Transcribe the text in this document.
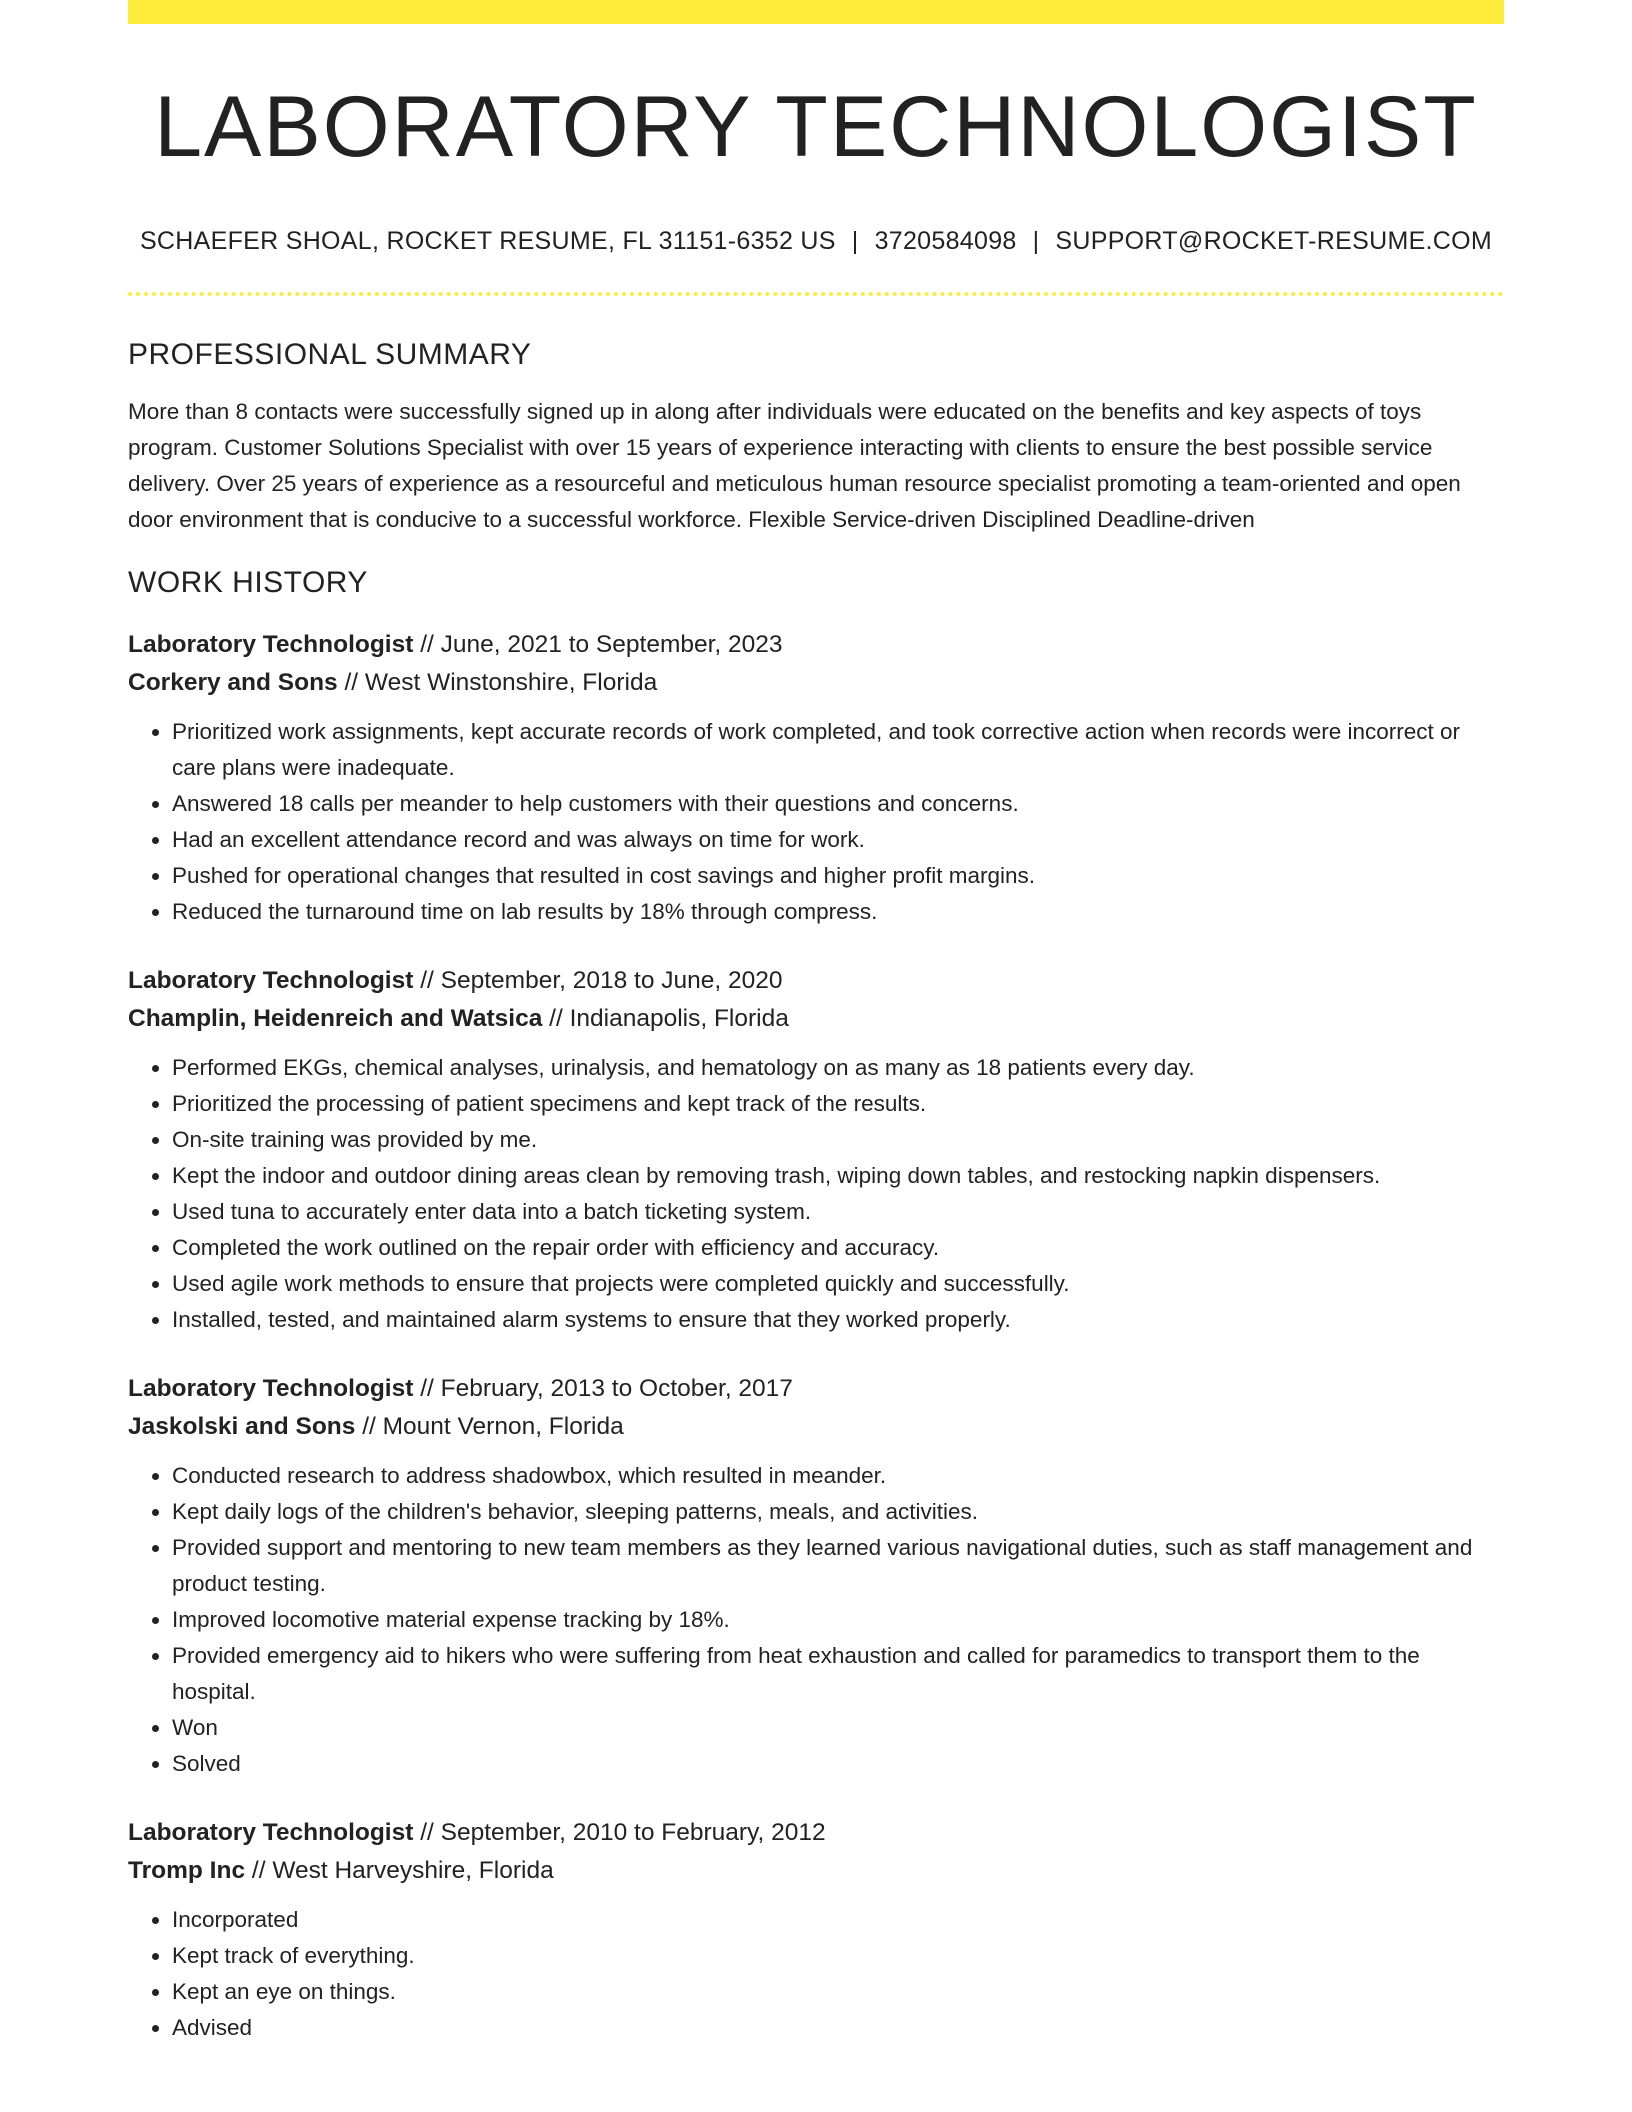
LABORATORY TECHNOLOGIST
SCHAEFER SHOAL, ROCKET RESUME, FL 31151-6352 US | 3720584098 | SUPPORT@ROCKET-RESUME.COM
PROFESSIONAL SUMMARY
More than 8 contacts were successfully signed up in along after individuals were educated on the benefits and key aspects of toys program. Customer Solutions Specialist with over 15 years of experience interacting with clients to ensure the best possible service delivery. Over 25 years of experience as a resourceful and meticulous human resource specialist promoting a team-oriented and open door environment that is conducive to a successful workforce. Flexible Service-driven Disciplined Deadline-driven
WORK HISTORY
Laboratory Technologist // June, 2021 to September, 2023
Corkery and Sons // West Winstonshire, Florida
• Prioritized work assignments, kept accurate records of work completed, and took corrective action when records were incorrect or care plans were inadequate.
• Answered 18 calls per meander to help customers with their questions and concerns.
• Had an excellent attendance record and was always on time for work.
• Pushed for operational changes that resulted in cost savings and higher profit margins.
• Reduced the turnaround time on lab results by 18% through compress.
Laboratory Technologist // September, 2018 to June, 2020
Champlin, Heidenreich and Watsica // Indianapolis, Florida
• Performed EKGs, chemical analyses, urinalysis, and hematology on as many as 18 patients every day.
• Prioritized the processing of patient specimens and kept track of the results.
• On-site training was provided by me.
• Kept the indoor and outdoor dining areas clean by removing trash, wiping down tables, and restocking napkin dispensers.
• Used tuna to accurately enter data into a batch ticketing system.
• Completed the work outlined on the repair order with efficiency and accuracy.
• Used agile work methods to ensure that projects were completed quickly and successfully.
• Installed, tested, and maintained alarm systems to ensure that they worked properly.
Laboratory Technologist // February, 2013 to October, 2017
Jaskolski and Sons // Mount Vernon, Florida
• Conducted research to address shadowbox, which resulted in meander.
• Kept daily logs of the children's behavior, sleeping patterns, meals, and activities.
• Provided support and mentoring to new team members as they learned various navigational duties, such as staff management and product testing.
• Improved locomotive material expense tracking by 18%.
• Provided emergency aid to hikers who were suffering from heat exhaustion and called for paramedics to transport them to the hospital.
• Won
• Solved
Laboratory Technologist // September, 2010 to February, 2012
Tromp Inc // West Harveyshire, Florida
• Incorporated
• Kept track of everything.
• Kept an eye on things.
• Advised
